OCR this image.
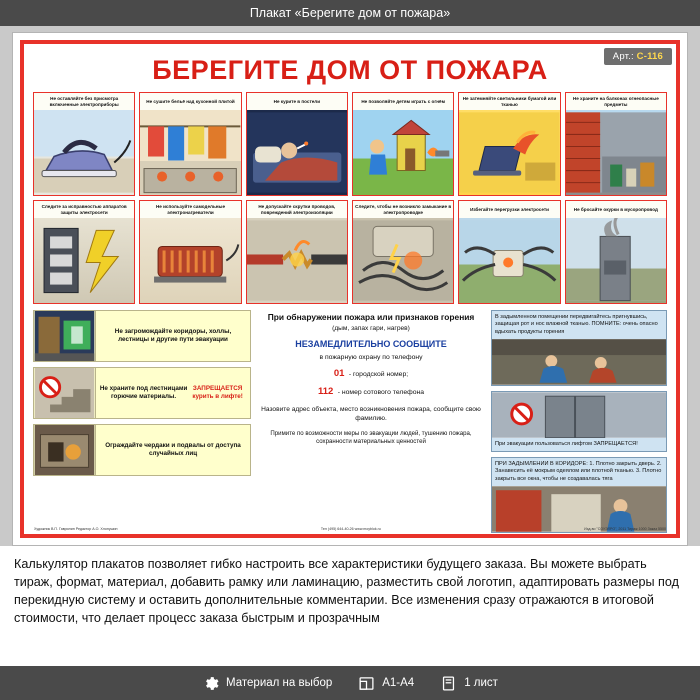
Плакат «Берегите дом от пожара»
Арт.: С-116
БЕРЕГИТЕ ДОМ ОТ ПОЖАРА
Не оставляйте без присмотра включенные электроприборы
Не сушите бельё над кухонной плитой	Не курите в постели	Не позволяйте детям играть с огнём
Не затемняйте светильники бумагой или тканью
Не храните на балконах огнеопасные предметы
Следите за исправностью аппаратов защиты электросети
Не используйте самодельные электронагреватели
Не допускайте скрутки проводов, повреждений электроизоляции
Следите, чтобы не возникло замыкание в электропроводке
Избегайте перегрузки электросети	Не бросайте окурки в мусоропровод
Не загромождайте коридоры, холлы, лестницы и другие пути эвакуации
Не храните под лестницами горючие материалы.
ЗАПРЕЩАЕТСЯ курить в лифте!
Ограждайте чердаки и подвалы от доступа случайных лиц
При обнаружении пожара или признаков горения
(дым, запах гари, нагрев)
НЕЗАМЕДЛИТЕЛЬНО СООБЩИТЕ
в пожарную охрану по телефону
01 - городской номер;
112 - номер сотового телефона
Назовите адрес объекта, место возникновения пожара, сообщите свою фамилию.
Примите по возможности меры по эвакуации людей, тушению пожара, сохранности материальных ценностей
В задымленном помещении передвигайтесь пригнувшись, защищая рот и нос влажной тканью. ПОМНИТЕ: очень опасно вдыхать продукты горения
При эвакуации пользоваться лифтом ЗАПРЕЩАЕТСЯ!
ПРИ ЗАДЫМЛЕНИИ В КОРИДОРЕ: 1. Плотно закрыть дверь. 2. Занавесить её мокрым одеялом или плотной тканью. 3. Плотно закрыть все окна, чтобы не создавалась тяга
Художник В.П. Гаврилин Редактор А.О. Хлопушин	Тел (495) 644-40-26 www.moyblok.ru	Изд-во "СОУЭЛРО", 2011 Тираж 1000 Заказ 5500
Калькулятор плакатов позволяет гибко настроить все характеристики будущего заказа. Вы можете выбрать тираж, формат, материал, добавить рамку или ламинацию, разместить свой логотип, адаптировать размеры под перекидную систему и оставить дополнительные комментарии. Все изменения сразу отражаются в итоговой стоимости, что делает процесс заказа быстрым и прозрачным
Материал на выбор	А1-А4	1 лист
